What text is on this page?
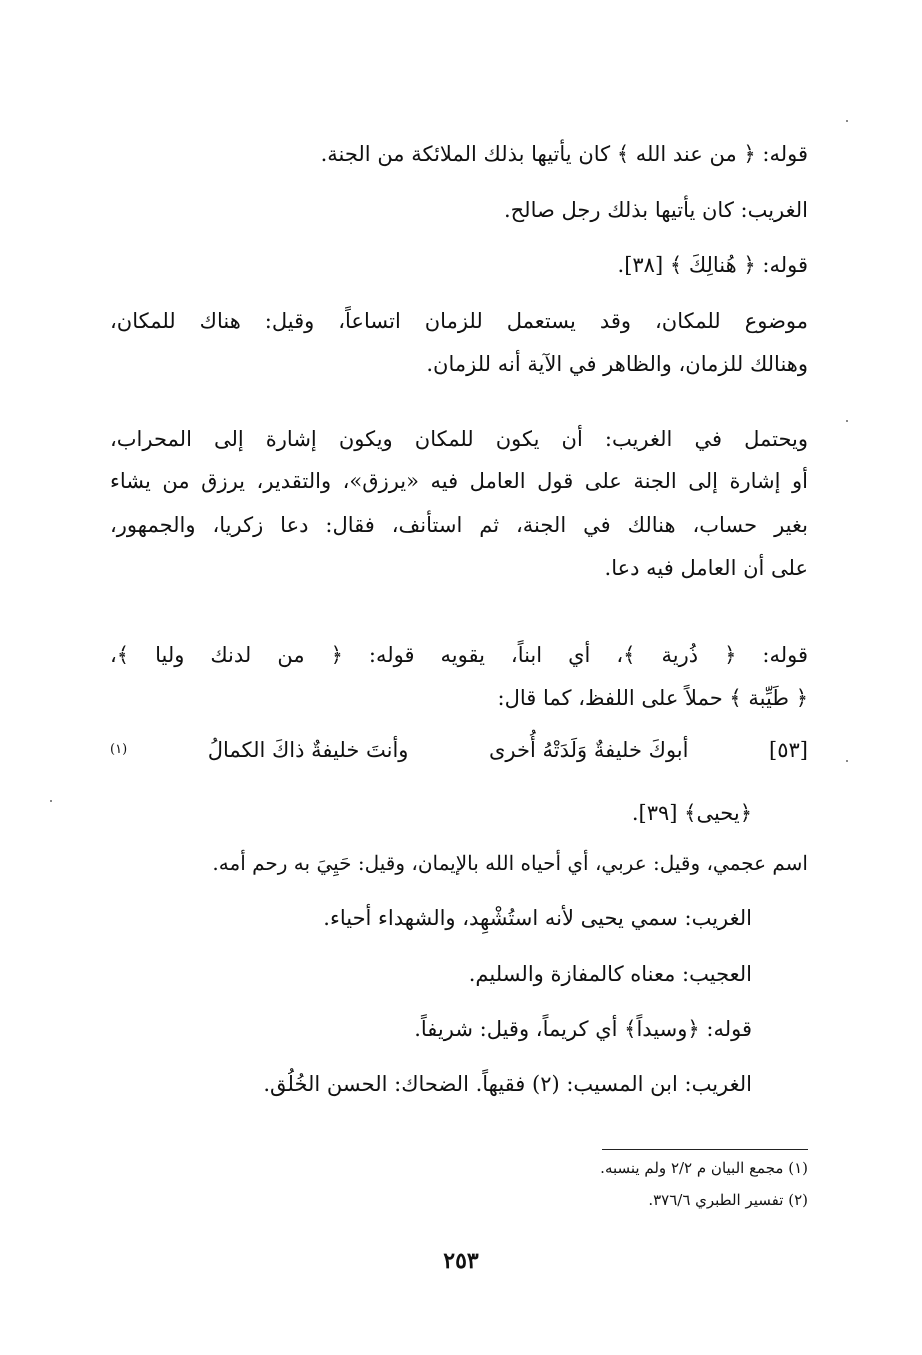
قوله: ﴿ من عند الله ﴾ كان يأتيها بذلك الملائكة من الجنة.
الغريب: كان يأتيها بذلك رجل صالح.
قوله: ﴿ هُنالِكَ ﴾ [٣٨].
موضوع للمكان، وقد يستعمل للزمان اتساعاً، وقيل: هناك للمكان،
وهنالك للزمان، والظاهر في الآية أنه للزمان.
ويحتمل في الغريب: أن يكون للمكان ويكون إشارة إلى المحراب،
أو إشارة إلى الجنة على قول العامل فيه «يرزق»، والتقدير، يرزق من يشاء
بغير حساب، هنالك في الجنة، ثم استأنف، فقال: دعا زكريا، والجمهور،
على أن العامل فيه دعا.
قوله: ﴿ ذُرية ﴾، أي ابناً، يقويه قوله: ﴿ من لدنك وليا ﴾،
﴿ طَيِّبة ﴾ حملاً على اللفظ، كما قال:
[٥٣]
أبوكَ خليفةٌ وَلَدَتْهُ أُخرى
وأنتَ خليفةٌ ذاكَ الكمالُ
(١)
﴿يحيى﴾ [٣٩].
اسم عجمي، وقيل: عربي، أي أحياه الله بالإيمان، وقيل: حَيِيَ به رحم أمه.
الغريب: سمي يحيى لأنه استُشْهِد، والشهداء أحياء.
العجيب: معناه كالمفازة والسليم.
قوله: ﴿وسيداً﴾ أي كريماً، وقيل: شريفاً.
الغريب: ابن المسيب: (٢) فقيهاً. الضحاك: الحسن الخُلُق.
(١) مجمع البيان م ٢/٢ ولم ينسبه.
(٢) تفسير الطبري ٣٧٦/٦.
٢٥٣
